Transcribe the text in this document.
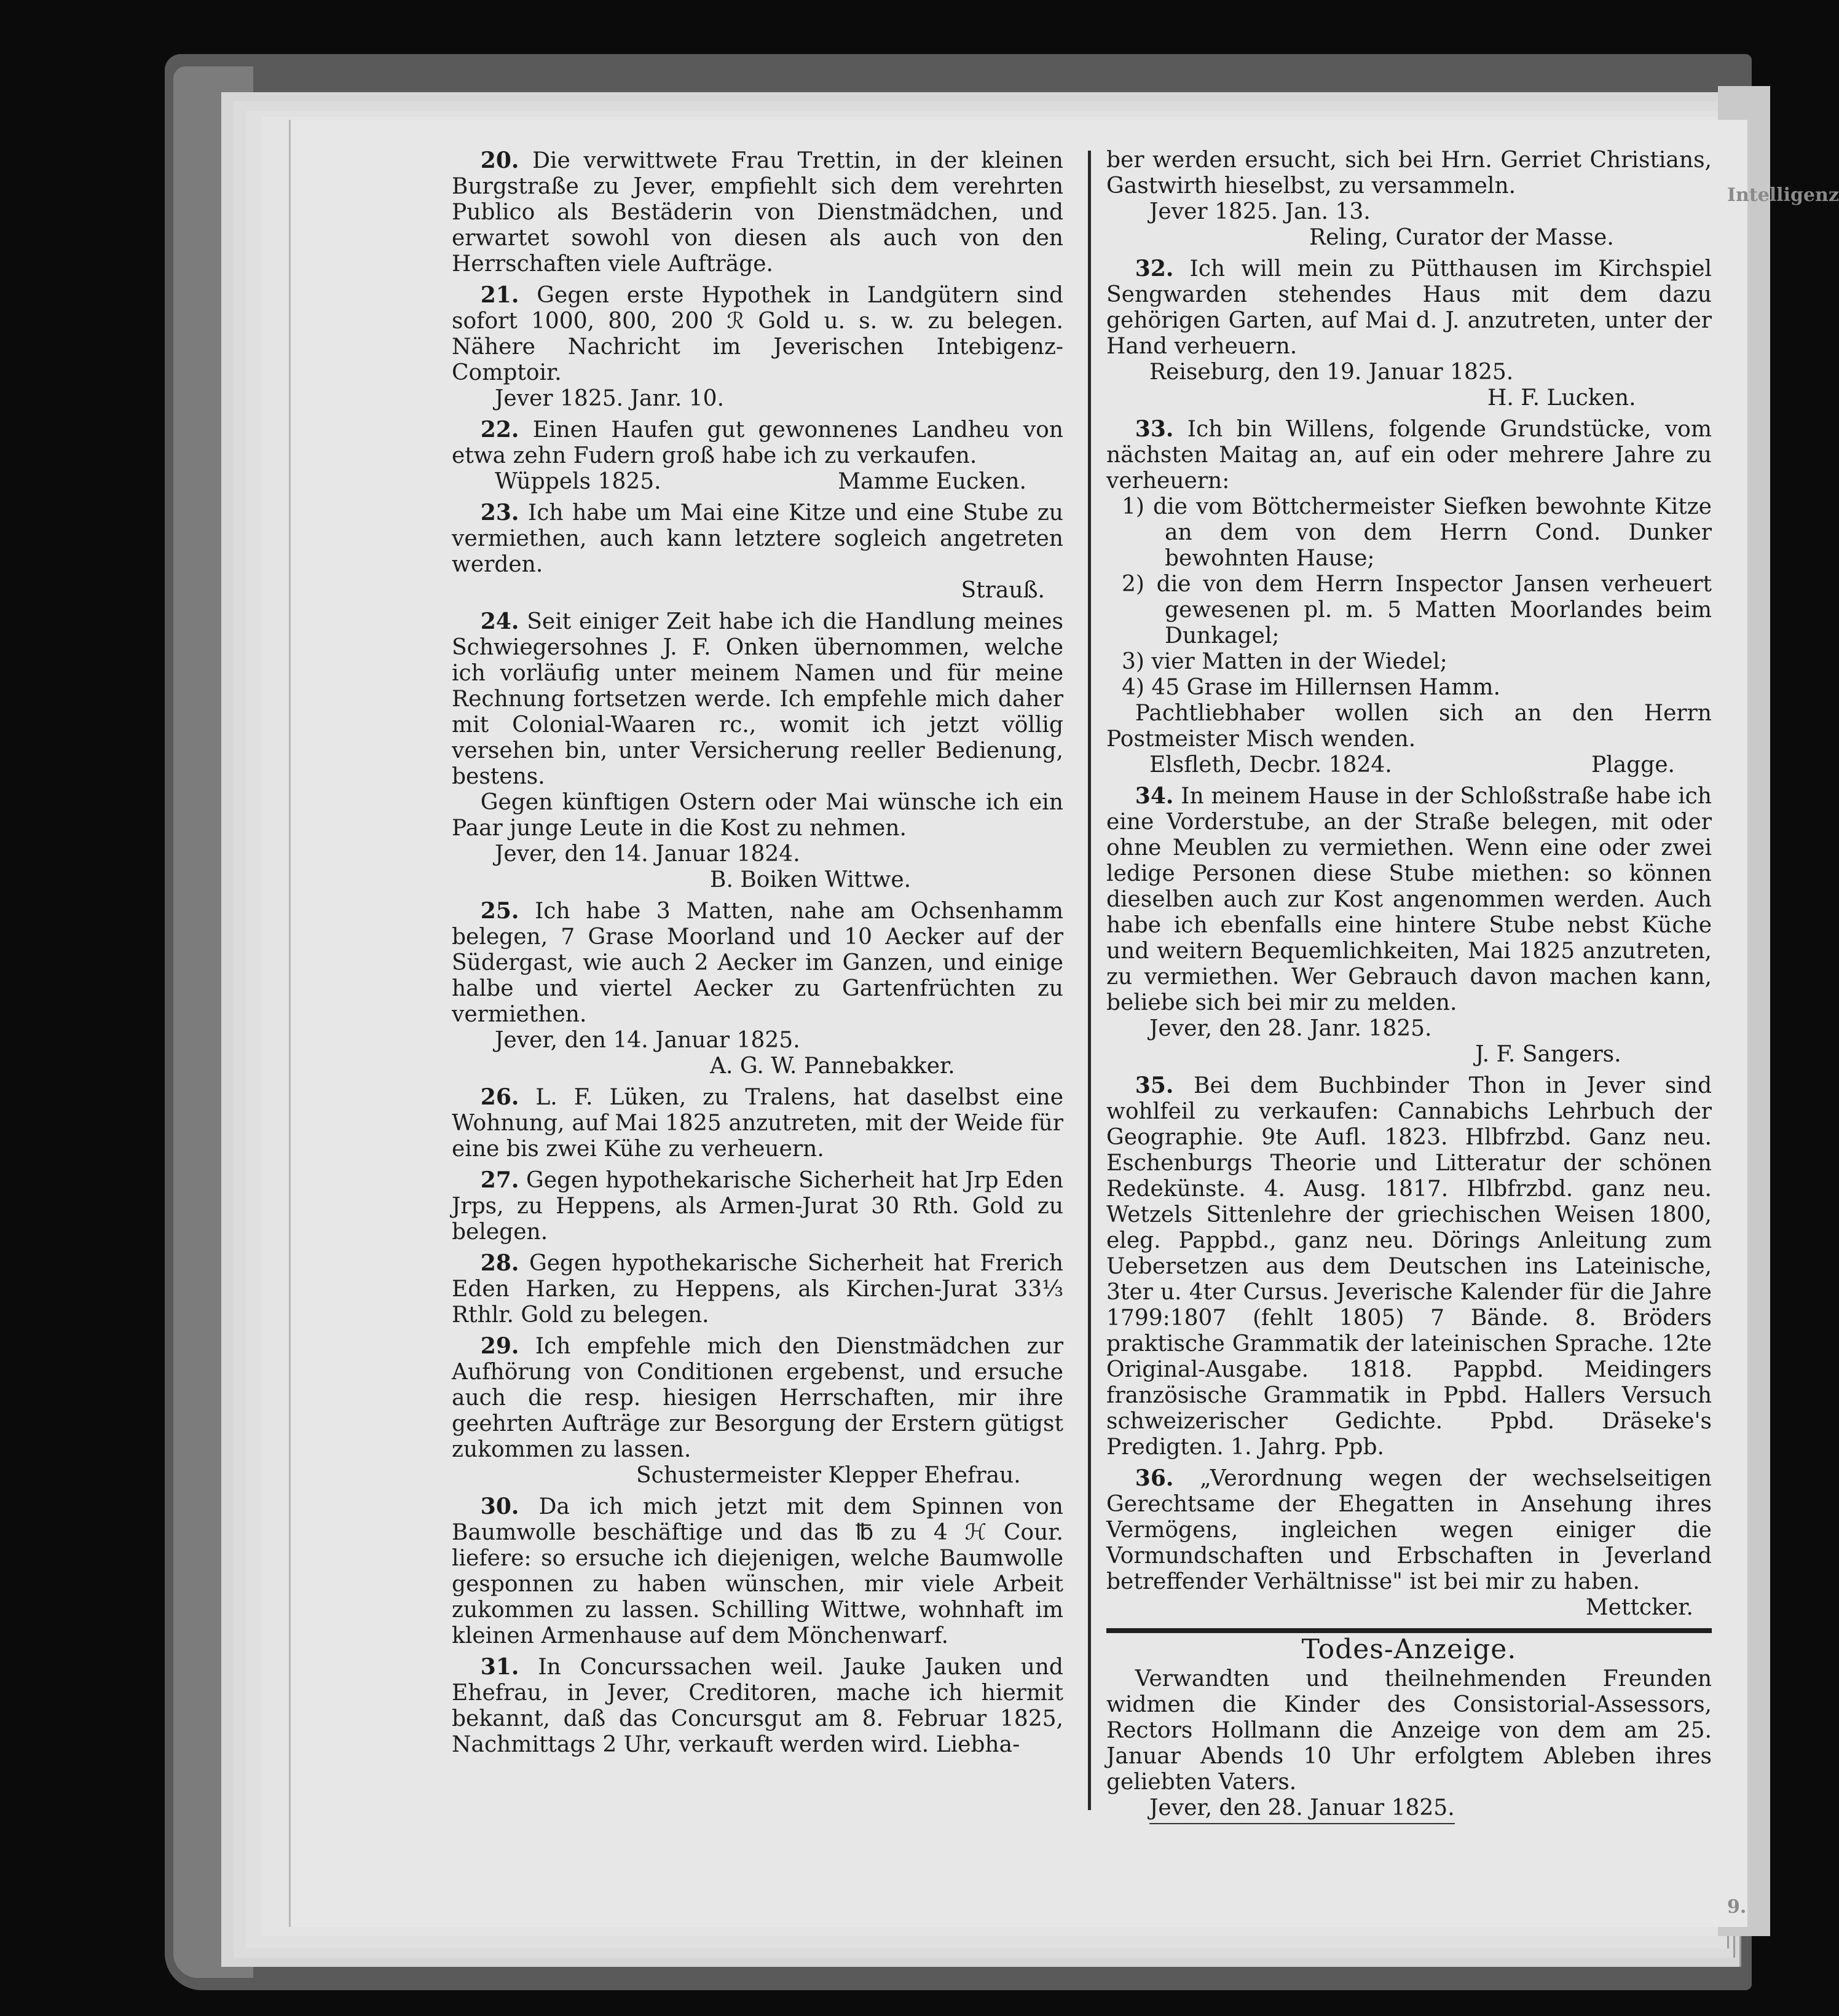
Intelligenz
9.

20. Die verwittwete Frau Trettin, in der kleinen Burgstraße zu Jever, empfiehlt sich dem verehrten Publico als Bestäderin von Dienstmädchen, und erwartet sowohl von diesen als auch von den Herrschaften viele Aufträge.

21. Gegen erste Hypothek in Landgütern sind sofort 1000, 800, 200 ℛ Gold u. s. w. zu belegen. Nähere Nachricht im Jeverischen Intebigenz-Comptoir.

Jever 1825. Janr. 10.

22. Einen Haufen gut gewonnenes Landheu von etwa zehn Fudern groß habe ich zu verkaufen.

Wüppels 1825.	Mamme Eucken.

23. Ich habe um Mai eine Kitze und eine Stube zu vermiethen, auch kann letztere sogleich angetreten werden.

Strauß.

24. Seit einiger Zeit habe ich die Handlung meines Schwiegersohnes J. F. Onken übernommen, welche ich vorläufig unter meinem Namen und für meine Rechnung fortsetzen werde. Ich empfehle mich daher mit Colonial-Waaren rc., womit ich jetzt völlig versehen bin, unter Versicherung reeller Bedienung, bestens.

Gegen künftigen Ostern oder Mai wünsche ich ein Paar junge Leute in die Kost zu nehmen.

Jever, den 14. Januar 1824.
B. Boiken Wittwe.

25. Ich habe 3 Matten, nahe am Ochsenhamm belegen, 7 Grase Moorland und 10 Aecker auf der Südergast, wie auch 2 Aecker im Ganzen, und einige halbe und viertel Aecker zu Gartenfrüchten zu vermiethen.

Jever, den 14. Januar 1825.
A. G. W. Pannebakker.

26. L. F. Lüken, zu Tralens, hat daselbst eine Wohnung, auf Mai 1825 anzutreten, mit der Weide für eine bis zwei Kühe zu verheuern.

27. Gegen hypothekarische Sicherheit hat Jrp Eden Jrps, zu Heppens, als Armen-Jurat 30 Rth. Gold zu belegen.

28. Gegen hypothekarische Sicherheit hat Frerich Eden Harken, zu Heppens, als Kirchen-Jurat 33⅓ Rthlr. Gold zu belegen.

29. Ich empfehle mich den Dienstmädchen zur Aufhörung von Conditionen ergebenst, und ersuche auch die resp. hiesigen Herrschaften, mir ihre geehrten Aufträge zur Besorgung der Erstern gütigst zukommen zu lassen.

Schustermeister Klepper Ehefrau.

30. Da ich mich jetzt mit dem Spinnen von Baumwolle beschäftige und das ℔ zu 4 ℋ Cour. liefere: so ersuche ich diejenigen, welche Baumwolle gesponnen zu haben wünschen, mir viele Arbeit zukommen zu lassen. Schilling Wittwe, wohnhaft im kleinen Armenhause auf dem Mönchenwarf.

31. In Concurssachen weil. Jauke Jauken und Ehefrau, in Jever, Creditoren, mache ich hiermit bekannt, daß das Concursgut am 8. Februar 1825, Nachmittags 2 Uhr, verkauft werden wird. Liebha-

ber werden ersucht, sich bei Hrn. Gerriet Christians, Gastwirth hieselbst, zu versammeln.
Jever 1825. Jan. 13.
Reling, Curator der Masse.

32. Ich will mein zu Pütthausen im Kirchspiel Sengwarden stehendes Haus mit dem dazu gehörigen Garten, auf Mai d. J. anzutreten, unter der Hand verheuern.

Reiseburg, den 19. Januar 1825.
H. F. Lucken.

33. Ich bin Willens, folgende Grundstücke, vom nächsten Maitag an, auf ein oder mehrere Jahre zu verheuern:

1) die vom Böttchermeister Siefken bewohnte Kitze an dem von dem Herrn Cond. Dunker bewohnten Hause;
2) die von dem Herrn Inspector Jansen verheuert gewesenen pl. m. 5 Matten Moorlandes beim Dunkagel;
3) vier Matten in der Wiedel;
4) 45 Grase im Hillernsen Hamm.

Pachtliebhaber wollen sich an den Herrn Postmeister Misch wenden.

Elsfleth, Decbr. 1824.	Plagge.

34. In meinem Hause in der Schloßstraße habe ich eine Vorderstube, an der Straße belegen, mit oder ohne Meublen zu vermiethen. Wenn eine oder zwei ledige Personen diese Stube miethen: so können dieselben auch zur Kost angenommen werden. Auch habe ich ebenfalls eine hintere Stube nebst Küche und weitern Bequemlichkeiten, Mai 1825 anzutreten, zu vermiethen. Wer Gebrauch davon machen kann, beliebe sich bei mir zu melden.

Jever, den 28. Janr. 1825.
J. F. Sangers.

35. Bei dem Buchbinder Thon in Jever sind wohlfeil zu verkaufen: Cannabichs Lehrbuch der Geographie. 9te Aufl. 1823. Hlbfrzbd. Ganz neu. Eschenburgs Theorie und Litteratur der schönen Redekünste. 4. Ausg. 1817. Hlbfrzbd. ganz neu. Wetzels Sittenlehre der griechischen Weisen 1800, eleg. Pappbd., ganz neu. Dörings Anleitung zum Uebersetzen aus dem Deutschen ins Lateinische, 3ter u. 4ter Cursus. Jeverische Kalender für die Jahre 1799:1807 (fehlt 1805) 7 Bände. 8. Bröders praktische Grammatik der lateinischen Sprache. 12te Original-Ausgabe. 1818. Pappbd. Meidingers französische Grammatik in Ppbd. Hallers Versuch schweizerischer Gedichte. Ppbd. Dräseke's Predigten. 1. Jahrg. Ppb.

36. „Verordnung wegen der wechselseitigen Gerechtsame der Ehegatten in Ansehung ihres Vermögens, ingleichen wegen einiger die Vormundschaften und Erbschaften in Jeverland betreffender Verhältnisse" ist bei mir zu haben.

Mettcker.
Todes-Anzeige.

Verwandten und theilnehmenden Freunden widmen die Kinder des Consistorial-Assessors, Rectors Hollmann die Anzeige von dem am 25. Januar Abends 10 Uhr erfolgtem Ableben ihres geliebten Vaters.

Jever, den 28. Januar 1825.
